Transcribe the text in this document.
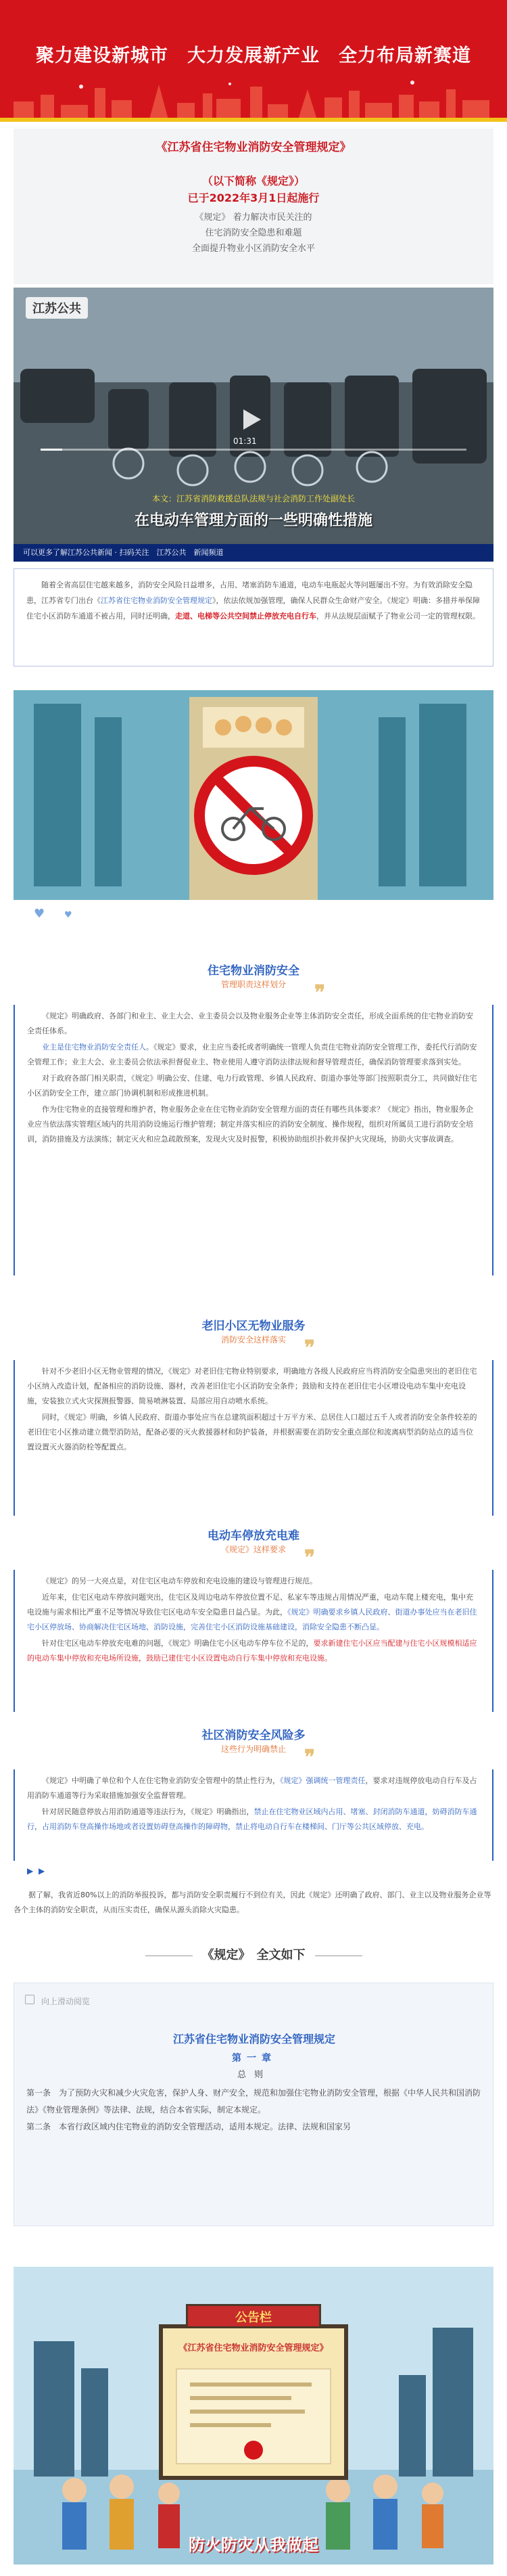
聚力建设新城市　大力发展新产业　全力布局新赛道
《江苏省住宅物业消防安全管理规定》
（以下简称《规定》）
已于2022年3月1日起施行
《规定》 着力解决市民关注的
住宅消防安全隐患和难题
全面提升物业小区消防安全水平
江苏公共
01:31
本文：江苏省消防救援总队法规与社会消防工作处副处长
在电动车管理方面的一些明确性措施
可以更多了解江苏公共新闻 · 扫码关注　江苏公共　新闻频道
随着全省高层住宅越来越多，消防安全风险日益增多，占用、堵塞消防车通道，电动车电瓶起火等问题屡出不穷。为有效消除安全隐患，江苏省专门出台《江苏省住宅物业消防安全管理规定》，依法依规加强管理，确保人民群众生命财产安全。《规定》明确：多措并举保障住宅小区消防车通道不被占用，同时还明确，走道、电梯等公共空间禁止停放充电自行车，并从法规层面赋予了物业公司一定的管理权限。
♥ ♥
住宅物业消防安全
管理职责这样划分	❞

《规定》明确政府、各部门和业主、业主大会、业主委员会以及物业服务企业等主体消防安全责任，形成全面系统的住宅物业消防安全责任体系。

业主是住宅物业消防安全责任人。《规定》要求，业主应当委托或者明确统一管理人负责住宅物业消防安全管理工作，委托代行消防安全管理工作；业主大会、业主委员会依法承担督促业主、物业使用人遵守消防法律法规和督导管理责任，确保消防管理要求落到实处。

对于政府各部门相关职责，《规定》明确公安、住建、电力行政管理、乡镇人民政府、街道办事处等部门按照职责分工，共同做好住宅小区消防安全工作，建立部门协调机制和形成推进机制。

作为住宅物业的直接管理和维护者，物业服务企业在住宅物业消防安全管理方面的责任有哪些具体要求？《规定》指出，物业服务企业应当依法落实管理区域内的共用消防设施运行维护管理；制定并落实相应的消防安全制度、操作规程，组织对所属员工进行消防安全培训，消防措施及方法演练；制定灭火和应急疏散预案，发现火灾及时报警，积极协助组织扑救并保护火灾现场，协助火灾事故调查。

老旧小区无物业服务
消防安全这样落实 ❞

针对不少老旧小区无物业管理的情况，《规定》对老旧住宅物业特别要求，明确地方各级人民政府应当将消防安全隐患突出的老旧住宅小区纳入改造计划，配备相应的消防设施、器材，改善老旧住宅小区消防安全条件；鼓励和支持在老旧住宅小区增设电动车集中充电设施，安装独立式火灾探测报警器、简易喷淋装置、局部应用自动喷水系统。

同时，《规定》明确，乡镇人民政府、街道办事处应当在总建筑面积超过十万平方米、总居住人口超过五千人或者消防安全条件较差的老旧住宅小区推动建立微型消防站，配备必要的灭火救援器材和防护装备，并根据需要在消防安全重点部位和流离病型消防站点的适当位置设置灭火器消防栓等配置点。

电动车停放充电难
《规定》这样要求 ❞

《规定》的另一大亮点是，对住宅区电动车停放和充电设施的建设与管理进行规范。

近年来，住宅区电动车停放问题突出，住宅区及周边电动车停放位置不足、私家车等违规占用情况严重，电动车爬上楼充电，集中充电设施与需求相比严重不足等情况导致住宅区电动车安全隐患日益凸显。为此，《规定》明确要求乡镇人民政府、街道办事处应当在老旧住宅小区停放场、协商解决住宅区场地、消防设施，完善住宅小区消防设施基础建设，消除安全隐患不断凸显。

针对住宅区电动车停放充电难的问题，《规定》明确住宅小区电动车停车位不足的，要求新建住宅小区应当配建与住宅小区规模相适应的电动车集中停放和充电场所设施，鼓励已建住宅小区设置电动自行车集中停放和充电设施。

社区消防安全风险多
这些行为明确禁止 ❞

《规定》中明确了单位和个人在住宅物业消防安全管理中的禁止性行为，《规定》强调统一管理责任，要求对违规停放电动自行车及占用消防车通道等行为采取措施加强安全监督管理。

针对居民随意停放占用消防通道等违法行为，《规定》明确指出，禁止在住宅物业区域内占用、堵塞、封闭消防车通道，妨碍消防车通行，占用消防车登高操作场地或者设置妨碍登高操作的障碍物，禁止将电动自行车在楼梯间、门厅等公共区域停放、充电。

▶ ▶
据了解，我省近80%以上的消防举报投诉，都与消防安全职责履行不到位有关，因此《规定》还明确了政府、部门、业主以及物业服务企业等各个主体的消防安全职责，从而压实责任，确保从源头消除火灾隐患。
《规定》　全文如下
向上滑动阅览
江苏省住宅物业消防安全管理规定
第一章
总则

第一条　为了预防火灾和减少火灾危害，保护人身、财产安全，规范和加强住宅物业消防安全管理，根据《中华人民共和国消防法》《物业管理条例》等法律、法规，结合本省实际，制定本规定。

第二条　本省行政区域内住宅物业的消防安全管理活动，适用本规定。法律、法规和国家另

《江苏省住宅物业消防安全管理规定》
公告栏
防火防灾从我做起
